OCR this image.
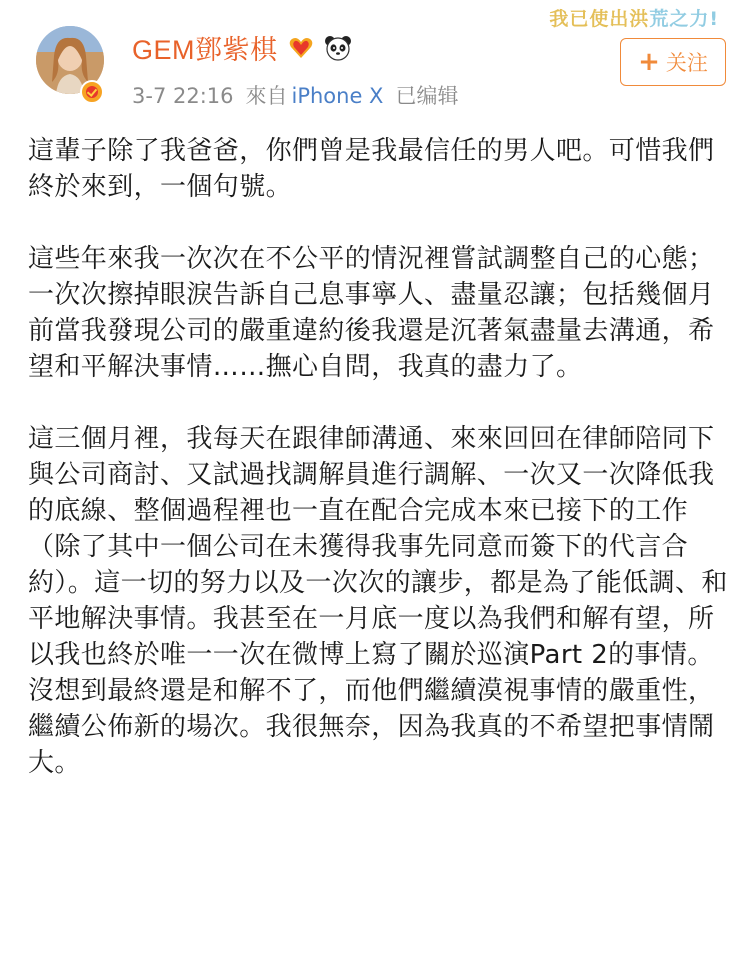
我已使出洪荒之力!
GEM鄧紫棋
3-7 22:16 來自 iPhone X 已编辑
+ 关注

這輩子除了我爸爸，你們曾是我最信任的男人吧。可惜我們終於來到，一個句號。

這些年來我一次次在不公平的情況裡嘗試調整自己的心態；一次次擦掉眼淚告訴自己息事寧人、盡量忍讓；包括幾個月前當我發現公司的嚴重違約後我還是沉著氣盡量去溝通，希望和平解決事情……撫心自問，我真的盡力了。

這三個月裡，我每天在跟律師溝通、來來回回在律師陪同下與公司商討、又試過找調解員進行調解、一次又一次降低我的底線、整個過程裡也一直在配合完成本來已接下的工作（除了其中一個公司在未獲得我事先同意而簽下的代言合約）。這一切的努力以及一次次的讓步，都是為了能低調、和平地解決事情。我甚至在一月底一度以為我們和解有望，所以我也終於唯一一次在微博上寫了關於巡演Part 2的事情。沒想到最終還是和解不了，而他們繼續漠視事情的嚴重性，繼續公佈新的場次。我很無奈，因為我真的不希望把事情鬧大。
